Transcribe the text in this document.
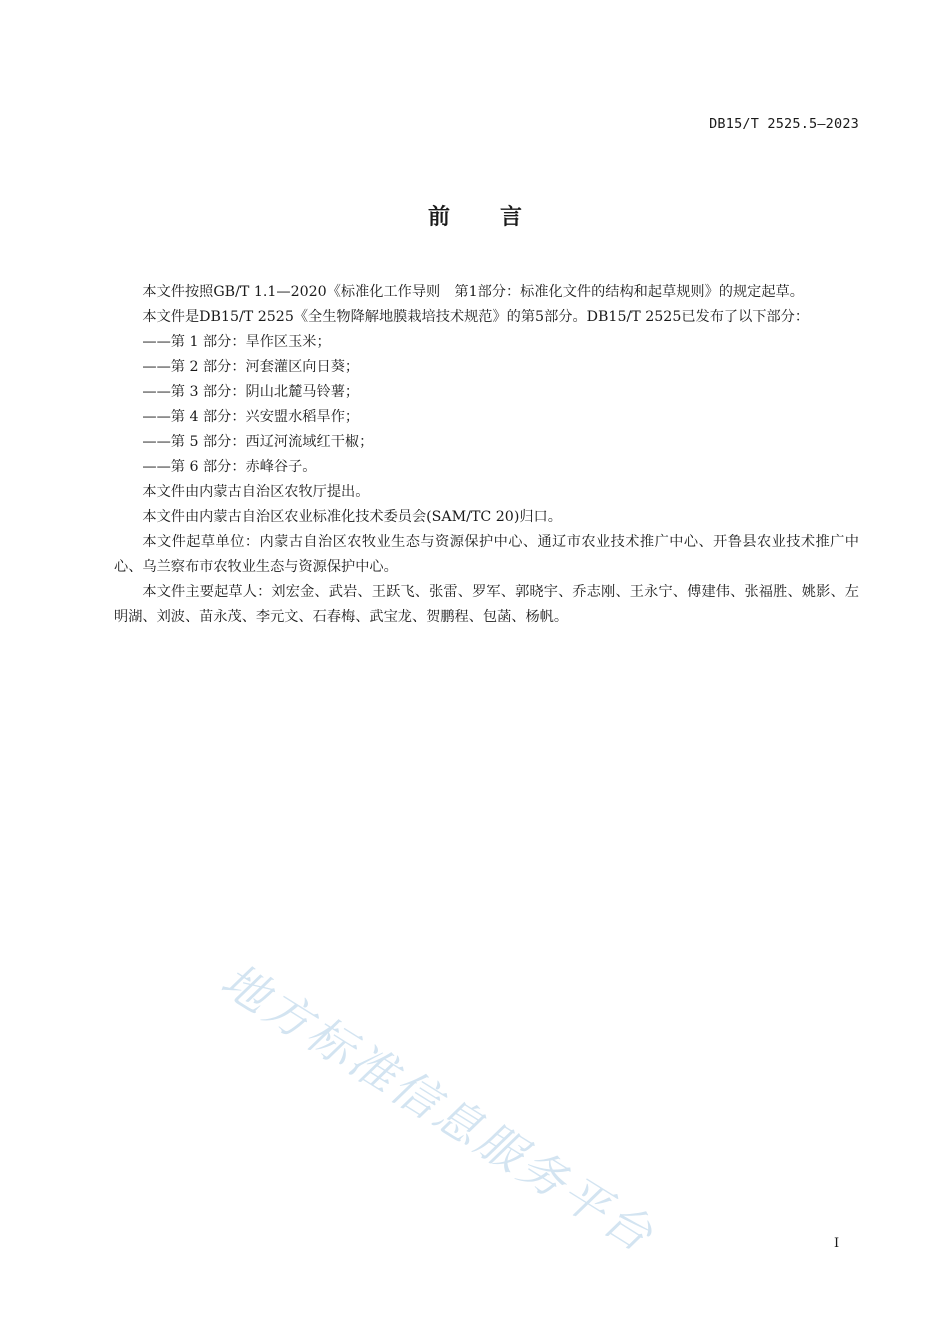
DB15/T 2525.5—2023
前 言

本文件按照GB/T 1.1—2020《标准化工作导则　第1部分：标准化文件的结构和起草规则》的规定起草。

本文件是DB15/T 2525《全生物降解地膜栽培技术规范》的第5部分。DB15/T 2525已发布了以下部分：

——第 1 部分：旱作区玉米；
——第 2 部分：河套灌区向日葵；
——第 3 部分：阴山北麓马铃薯；
——第 4 部分：兴安盟水稻旱作；
——第 5 部分：西辽河流域红干椒；
——第 6 部分：赤峰谷子。

本文件由内蒙古自治区农牧厅提出。

本文件由内蒙古自治区农业标准化技术委员会(SAM/TC 20)归口。

本文件起草单位：内蒙古自治区农牧业生态与资源保护中心、通辽市农业技术推广中心、开鲁县农业技术推广中心、乌兰察布市农牧业生态与资源保护中心。

本文件主要起草人：刘宏金、武岩、王跃飞、张雷、罗军、郭晓宇、乔志刚、王永宁、傅建伟、张福胜、姚影、左明湖、刘波、苗永茂、李元文、石春梅、武宝龙、贺鹏程、包菡、杨帆。

地方标准信息服务平台	I
